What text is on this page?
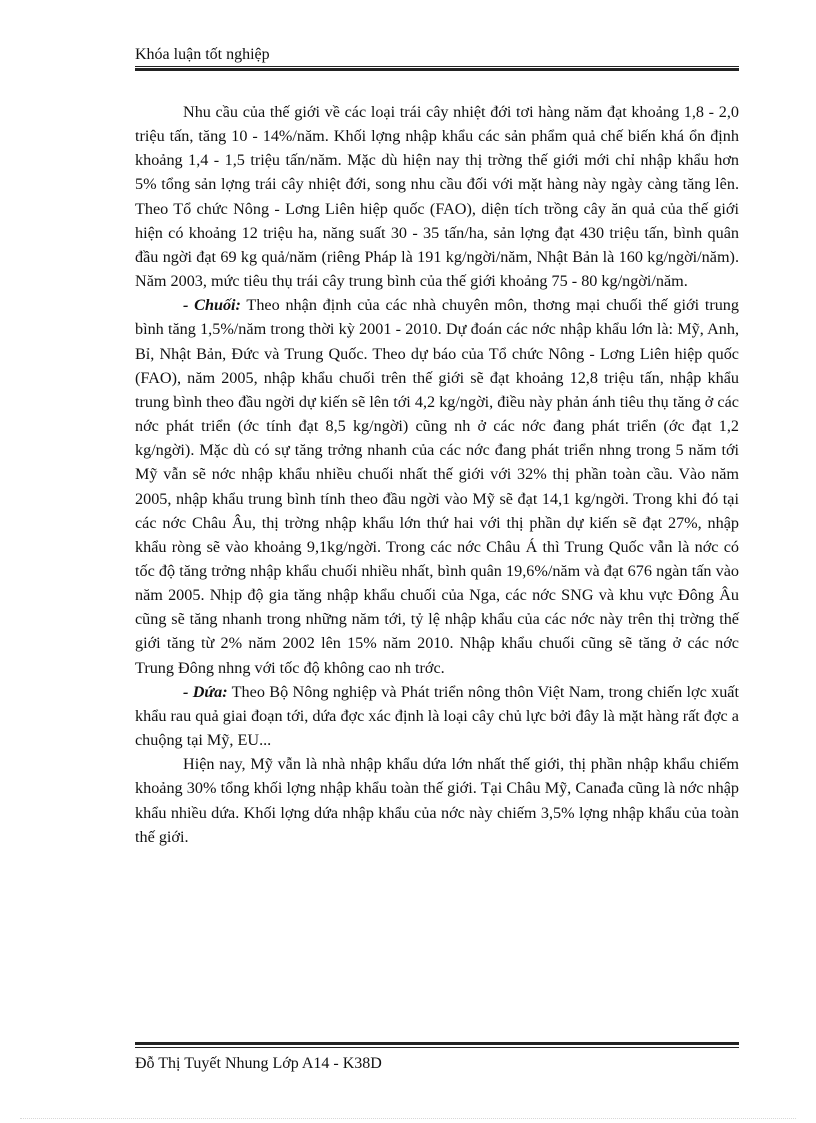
Khóa luận tốt nghiệp

Nhu cầu của thế giới về các loại trái cây nhiệt đới tơi hàng năm đạt khoảng 1,8 - 2,0 triệu tấn, tăng 10 - 14%/năm. Khối lợng nhập khẩu các sản phẩm quả chế biến khá ổn định khoảng 1,4 - 1,5 triệu tấn/năm. Mặc dù hiện nay thị trờng thế giới mới chỉ nhập khẩu hơn 5% tổng sản lợng trái cây nhiệt đới, song nhu cầu đối với mặt hàng này ngày càng tăng lên. Theo Tổ chức Nông - Lơng Liên hiệp quốc (FAO), diện tích trồng cây ăn quả của thế giới hiện có khoảng 12 triệu ha, năng suất 30 - 35 tấn/ha, sản lợng đạt 430 triệu tấn, bình quân đầu ngời đạt 69 kg quả/năm (riêng Pháp là 191 kg/ngời/năm, Nhật Bản là 160 kg/ngời/năm). Năm 2003, mức tiêu thụ trái cây trung bình của thế giới khoảng 75 - 80 kg/ngời/năm.

- Chuối: Theo nhận định của các nhà chuyên môn, thơng mại chuối thế giới trung bình tăng 1,5%/năm trong thời kỳ 2001 - 2010. Dự đoán các nớc nhập khẩu lớn là: Mỹ, Anh, Bỉ, Nhật Bản, Đức và Trung Quốc. Theo dự báo của Tổ chức Nông - Lơng Liên hiệp quốc (FAO), năm 2005, nhập khẩu chuối trên thế giới sẽ đạt khoảng 12,8 triệu tấn, nhập khẩu trung bình theo đầu ngời dự kiến sẽ lên tới 4,2 kg/ngời, điều này phản ánh tiêu thụ tăng ở các nớc phát triển (ớc tính đạt 8,5 kg/ngời) cũng nh ở các nớc đang phát triển (ớc đạt 1,2 kg/ngời). Mặc dù có sự tăng trởng nhanh của các nớc đang phát triển nhng trong 5 năm tới Mỹ vẫn sẽ nớc nhập khẩu nhiều chuối nhất thế giới với 32% thị phần toàn cầu. Vào năm 2005, nhập khẩu trung bình tính theo đầu ngời vào Mỹ sẽ đạt 14,1 kg/ngời. Trong khi đó tại các nớc Châu Âu, thị trờng nhập khẩu lớn thứ hai với thị phần dự kiến sẽ đạt 27%, nhập khẩu ròng sẽ vào khoảng 9,1kg/ngời. Trong các nớc Châu Á thì Trung Quốc vẫn là nớc có tốc độ tăng trởng nhập khẩu chuối nhiều nhất, bình quân 19,6%/năm và đạt 676 ngàn tấn vào năm 2005. Nhịp độ gia tăng nhập khẩu chuối của Nga, các nớc SNG và khu vực Đông Âu cũng sẽ tăng nhanh trong những năm tới, tỷ lệ nhập khẩu của các nớc này trên thị trờng thế giới tăng từ 2% năm 2002 lên 15% năm 2010. Nhập khẩu chuối cũng sẽ tăng ở các nớc Trung Đông nhng với tốc độ không cao nh trớc.

- Dứa: Theo Bộ Nông nghiệp và Phát triển nông thôn Việt Nam, trong chiến lợc xuất khẩu rau quả giai đoạn tới, dứa đợc xác định là loại cây chủ lực bởi đây là mặt hàng rất đợc a chuộng tại Mỹ, EU...

Hiện nay, Mỹ vẫn là nhà nhập khẩu dứa lớn nhất thế giới, thị phần nhập khẩu chiếm khoảng 30% tổng khối lợng nhập khẩu toàn thế giới. Tại Châu Mỹ, Canađa cũng là nớc nhập khẩu nhiều dứa. Khối lợng dứa nhập khẩu của nớc này chiếm 3,5% lợng nhập khẩu của toàn thế giới.

Đỗ Thị Tuyết Nhung Lớp A14 - K38D
